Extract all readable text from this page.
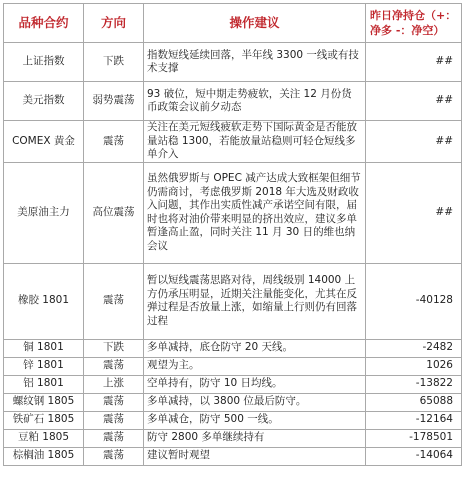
品种合约	方向	操作建议	昨日净持仓（+：净多 -：净空）
上证指数	下跌	指数短线延续回落，半年线 3300 一线或有技术支撑	##
美元指数	弱势震荡	93 破位，短中期走势疲软，关注 12 月份货币政策会议前夕动态	##
COMEX 黄金	震荡	关注在美元短线疲软走势下国际黄金是否能放量站稳 1300，若能放量站稳则可轻仓短线多单介入	##
美原油主力	高位震荡	虽然俄罗斯与 OPEC 减产达成大致框架但细节仍需商讨，考虑俄罗斯 2018 年大选及财政收入问题，其作出实质性减产承诺空间有限，届时也将对油价带来明显的挤出效应，建议多单暂逢高止盈，同时关注 11 月 30 日的维也纳会议	##
橡胶 1801	震荡	暂以短线震荡思路对待，周线级别 14000 上方仍承压明显，近期关注量能变化，尤其在反弹过程是否放量上涨，如缩量上行则仍有回落过程	-40128
铜 1801	下跌	多单减持，底仓防守 20 天线。	-2482
锌 1801	震荡	观望为主。	1026
铝 1801	上涨	空单持有，防守 10 日均线。	-13822
螺纹钢 1805	震荡	多单减持，以 3800 位最后防守。	65088
铁矿石 1805	震荡	多单减仓，防守 500 一线。	-12164
豆粕 1805	震荡	防守 2800 多单继续持有	-178501
棕榈油 1805	震荡	建议暂时观望	-14064
